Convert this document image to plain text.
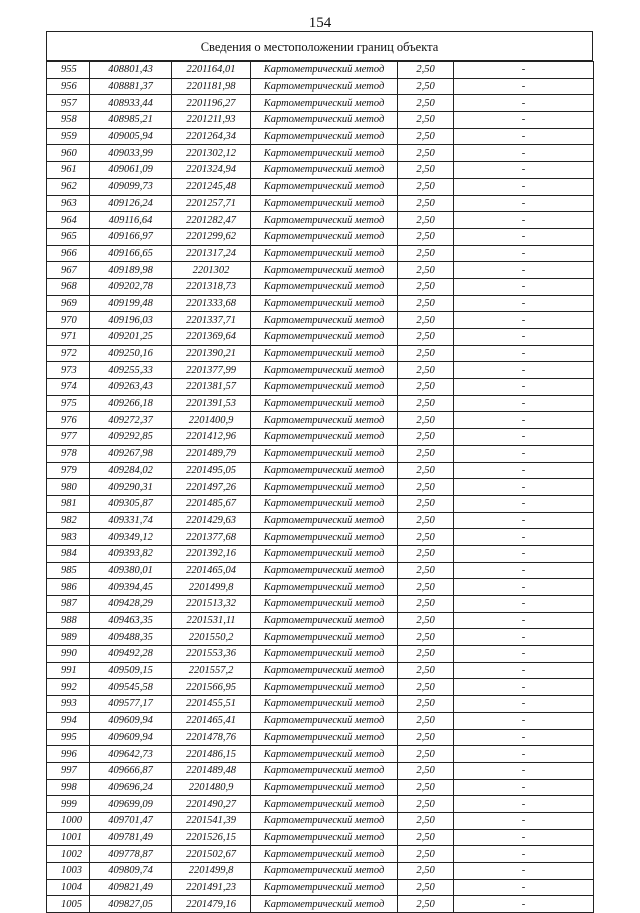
154
Сведения о местоположении границ объекта
955	408801,43	2201164,01	Картометрический метод	2,50	-
956	408881,37	2201181,98	Картометрический метод	2,50	-
957	408933,44	2201196,27	Картометрический метод	2,50	-
958	408985,21	2201211,93	Картометрический метод	2,50	-
959	409005,94	2201264,34	Картометрический метод	2,50	-
960	409033,99	2201302,12	Картометрический метод	2,50	-
961	409061,09	2201324,94	Картометрический метод	2,50	-
962	409099,73	2201245,48	Картометрический метод	2,50	-
963	409126,24	2201257,71	Картометрический метод	2,50	-
964	409116,64	2201282,47	Картометрический метод	2,50	-
965	409166,97	2201299,62	Картометрический метод	2,50	-
966	409166,65	2201317,24	Картометрический метод	2,50	-
967	409189,98	2201302	Картометрический метод	2,50	-
968	409202,78	2201318,73	Картометрический метод	2,50	-
969	409199,48	2201333,68	Картометрический метод	2,50	-
970	409196,03	2201337,71	Картометрический метод	2,50	-
971	409201,25	2201369,64	Картометрический метод	2,50	-
972	409250,16	2201390,21	Картометрический метод	2,50	-
973	409255,33	2201377,99	Картометрический метод	2,50	-
974	409263,43	2201381,57	Картометрический метод	2,50	-
975	409266,18	2201391,53	Картометрический метод	2,50	-
976	409272,37	2201400,9	Картометрический метод	2,50	-
977	409292,85	2201412,96	Картометрический метод	2,50	-
978	409267,98	2201489,79	Картометрический метод	2,50	-
979	409284,02	2201495,05	Картометрический метод	2,50	-
980	409290,31	2201497,26	Картометрический метод	2,50	-
981	409305,87	2201485,67	Картометрический метод	2,50	-
982	409331,74	2201429,63	Картометрический метод	2,50	-
983	409349,12	2201377,68	Картометрический метод	2,50	-
984	409393,82	2201392,16	Картометрический метод	2,50	-
985	409380,01	2201465,04	Картометрический метод	2,50	-
986	409394,45	2201499,8	Картометрический метод	2,50	-
987	409428,29	2201513,32	Картометрический метод	2,50	-
988	409463,35	2201531,11	Картометрический метод	2,50	-
989	409488,35	2201550,2	Картометрический метод	2,50	-
990	409492,28	2201553,36	Картометрический метод	2,50	-
991	409509,15	2201557,2	Картометрический метод	2,50	-
992	409545,58	2201566,95	Картометрический метод	2,50	-
993	409577,17	2201455,51	Картометрический метод	2,50	-
994	409609,94	2201465,41	Картометрический метод	2,50	-
995	409609,94	2201478,76	Картометрический метод	2,50	-
996	409642,73	2201486,15	Картометрический метод	2,50	-
997	409666,87	2201489,48	Картометрический метод	2,50	-
998	409696,24	2201480,9	Картометрический метод	2,50	-
999	409699,09	2201490,27	Картометрический метод	2,50	-
1000	409701,47	2201541,39	Картометрический метод	2,50	-
1001	409781,49	2201526,15	Картометрический метод	2,50	-
1002	409778,87	2201502,67	Картометрический метод	2,50	-
1003	409809,74	2201499,8	Картометрический метод	2,50	-
1004	409821,49	2201491,23	Картометрический метод	2,50	-
1005	409827,05	2201479,16	Картометрический метод	2,50	-
